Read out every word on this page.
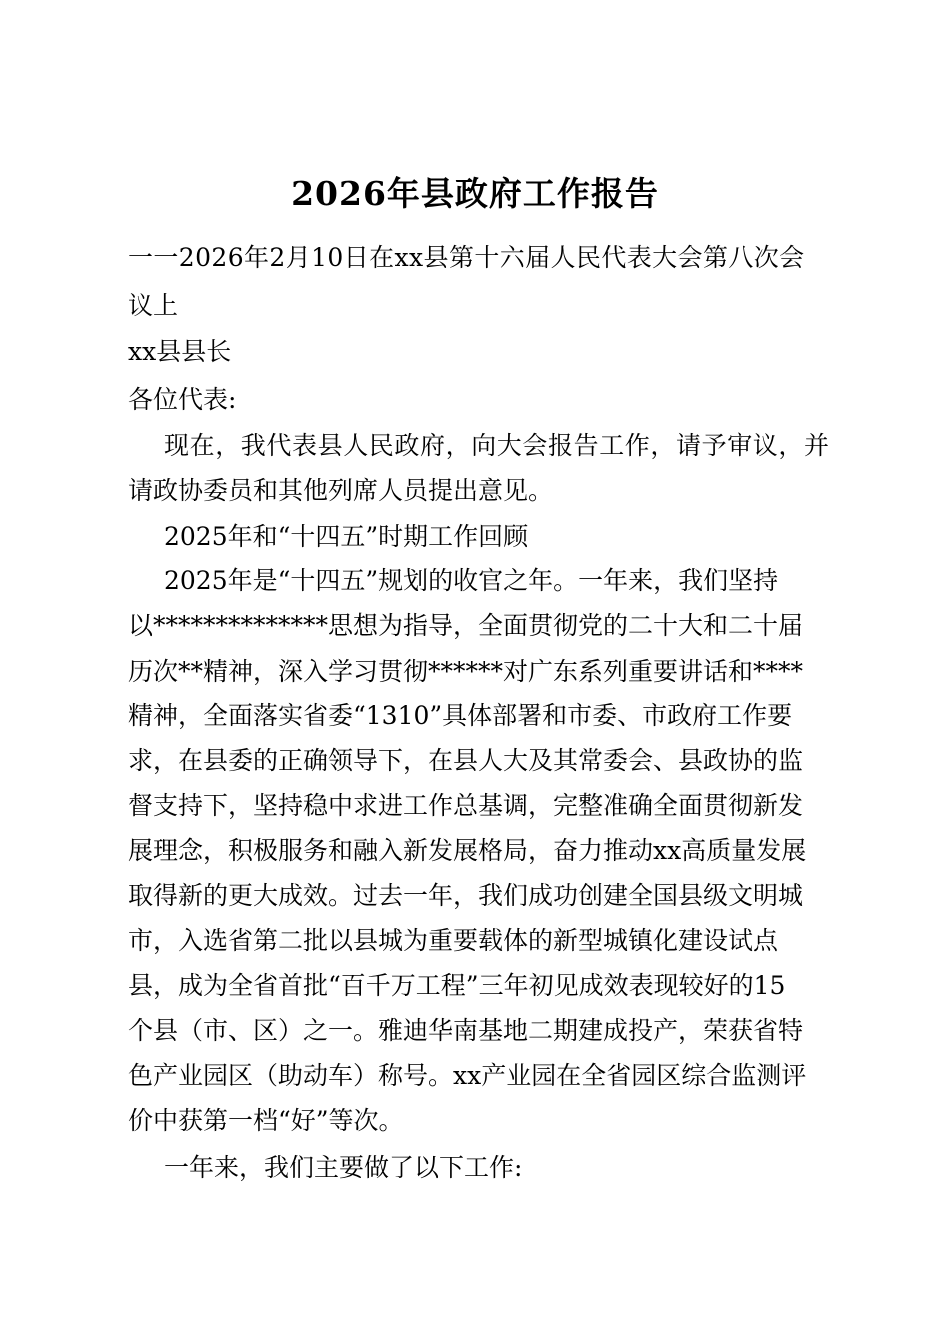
2026年县政府工作报告
一一2026年2月10日在xx县第十六届人民代表大会第八次会
议上
xx县县长
各位代表:
现在，我代表县人民政府，向大会报告工作，请予审议，并
请政协委员和其他列席人员提出意见。
2025年和“十四五”时期工作回顾
2025年是“十四五”规划的收官之年。一年来，我们坚持
以**************思想为指导，全面贯彻党的二十大和二十届
历次**精神，深入学习贯彻******对广东系列重要讲话和****
精神，全面落实省委“1310”具体部署和市委、市政府工作要
求，在县委的正确领导下，在县人大及其常委会、县政协的监
督支持下，坚持稳中求进工作总基调，完整准确全面贯彻新发
展理念，积极服务和融入新发展格局，奋力推动xx高质量发展
取得新的更大成效。过去一年，我们成功创建全国县级文明城
市，入选省第二批以县城为重要载体的新型城镇化建设试点
县，成为全省首批“百千万工程”三年初见成效表现较好的15
个县（市、区）之一。雅迪华南基地二期建成投产，荣获省特
色产业园区（助动车）称号。xx产业园在全省园区综合监测评
价中获第一档“好”等次。
一年来，我们主要做了以下工作:
